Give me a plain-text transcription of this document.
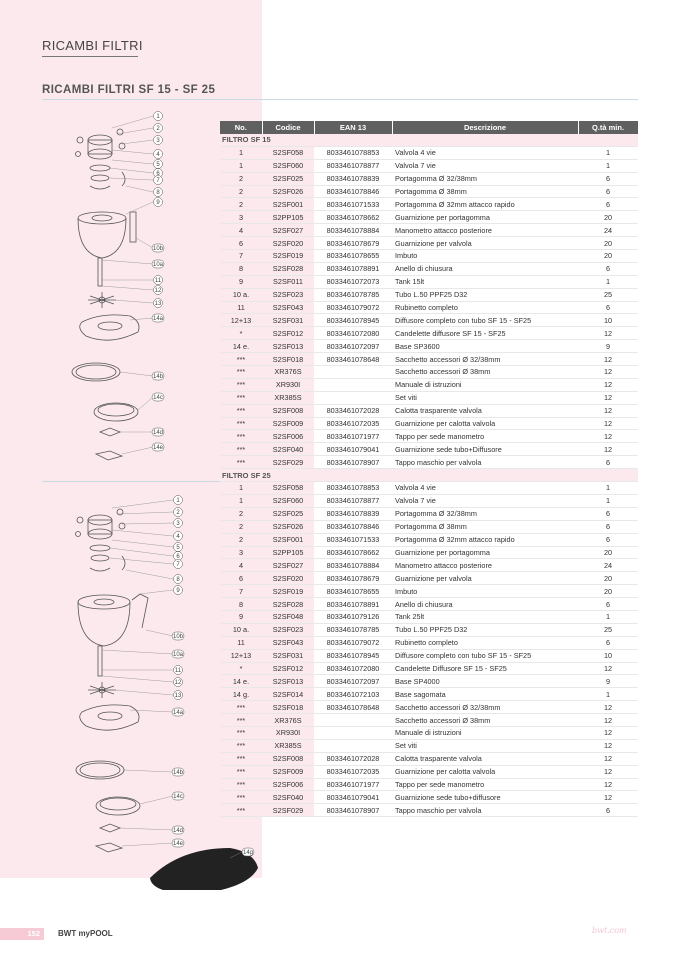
RICAMBI FILTRI
RICAMBI FILTRI SF 15 - SF 25
1
2
3
4
5
6
7
8
9
10b
10a
11
12
13
14a
14b
14c
14d
14e
1
2
3
4
5
6
7
8
9
10b
10a
11
12
13
14a
14b
14c
14d
14e
14g
No.	Codice	EAN 13	Descrizione	Q.tà min.
FILTRO SF 15				
1	S2SF058	8033461078853	Valvola 4 vie	1
1	S2SF060	8033461078877	Valvola 7 vie	1
2	S2SF025	8033461078839	Portagomma Ø 32/38mm	6
2	S2SF026	8033461078846	Portagomma Ø 38mm	6
2	S2SF001	8033461071533	Portagomma Ø 32mm attacco rapido	6
3	S2PP105	8033461078662	Guarnizione per portagomma	20
4	S2SF027	8033461078884	Manometro attacco posteriore	24
6	S2SF020	8033461078679	Guarnizione per valvola	20
7	S2SF019	8033461078655	Imbuto	20
8	S2SF028	8033461078891	Anello di chiusura	6
9	S2SF011	8033461072073	Tank 15lt	1
10 a.	S2SF023	8033461078785	Tubo L.50 PPF25 D32	25
11	S2SF043	8033461079072	Rubinetto completo	6
12+13	S2SF031	8033461078945	Diffusore completo con tubo SF 15 - SF25	10
*	S2SF012	8033461072080	Candelette diffusore SF 15 - SF25	12
14 e.	S2SF013	8033461072097	Base SP3600	9
***	S2SF018	8033461078648	Sacchetto accessori Ø 32/38mm	12
***	XR376S		Sacchetto accessori Ø 38mm	12
***	XR930I		Manuale di istruzioni	12
***	XR385S		Set viti	12
***	S2SF008	8033461072028	Calotta trasparente valvola	12
***	S2SF009	8033461072035	Guarnizione per calotta valvola	12
***	S2SF006	8033461071977	Tappo per sede manometro	12
***	S2SF040	8033461079041	Guarnizione sede tubo+Diffusore	12
***	S2SF029	8033461078907	Tappo maschio per valvola	6
FILTRO SF 25				
1	S2SF058	8033461078853	Valvola 4 vie	1
1	S2SF060	8033461078877	Valvola 7 vie	1
2	S2SF025	8033461078839	Portagomma Ø 32/38mm	6
2	S2SF026	8033461078846	Portagomma Ø 38mm	6
2	S2SF001	8033461071533	Portagomma Ø 32mm attacco rapido	6
3	S2PP105	8033461078662	Guarnizione per portagomma	20
4	S2SF027	8033461078884	Manometro attacco posteriore	24
6	S2SF020	8033461078679	Guarnizione per valvola	20
7	S2SF019	8033461078655	Imbuto	20
8	S2SF028	8033461078891	Anello di chiusura	6
9	S2SF048	8033461079126	Tank 25lt	1
10 a.	S2SF023	8033461078785	Tubo L.50 PPF25 D32	25
11	S2SF043	8033461079072	Rubinetto completo	6
12+13	S2SF031	8033461078945	Diffusore completo con tubo SF 15 - SF25	10
*	S2SF012	8033461072080	Candelette Diffusore SF 15 - SF25	12
14 e.	S2SF013	8033461072097	Base SP4000	9
14 g.	S2SF014	8033461072103	Base sagomata	1
***	S2SF018	8033461078648	Sacchetto accessori Ø 32/38mm	12
***	XR376S		Sacchetto accessori Ø 38mm	12
***	XR930I		Manuale di istruzioni	12
***	XR385S		Set viti	12
***	S2SF008	8033461072028	Calotta trasparente valvola	12
***	S2SF009	8033461072035	Guarnizione per calotta valvola	12
***	S2SF006	8033461071977	Tappo per sede manometro	12
***	S2SF040	8033461079041	Guarnizione sede tubo+diffusore	12
***	S2SF029	8033461078907	Tappo maschio per valvola	6
152	BWT myPOOL	bwt.com
